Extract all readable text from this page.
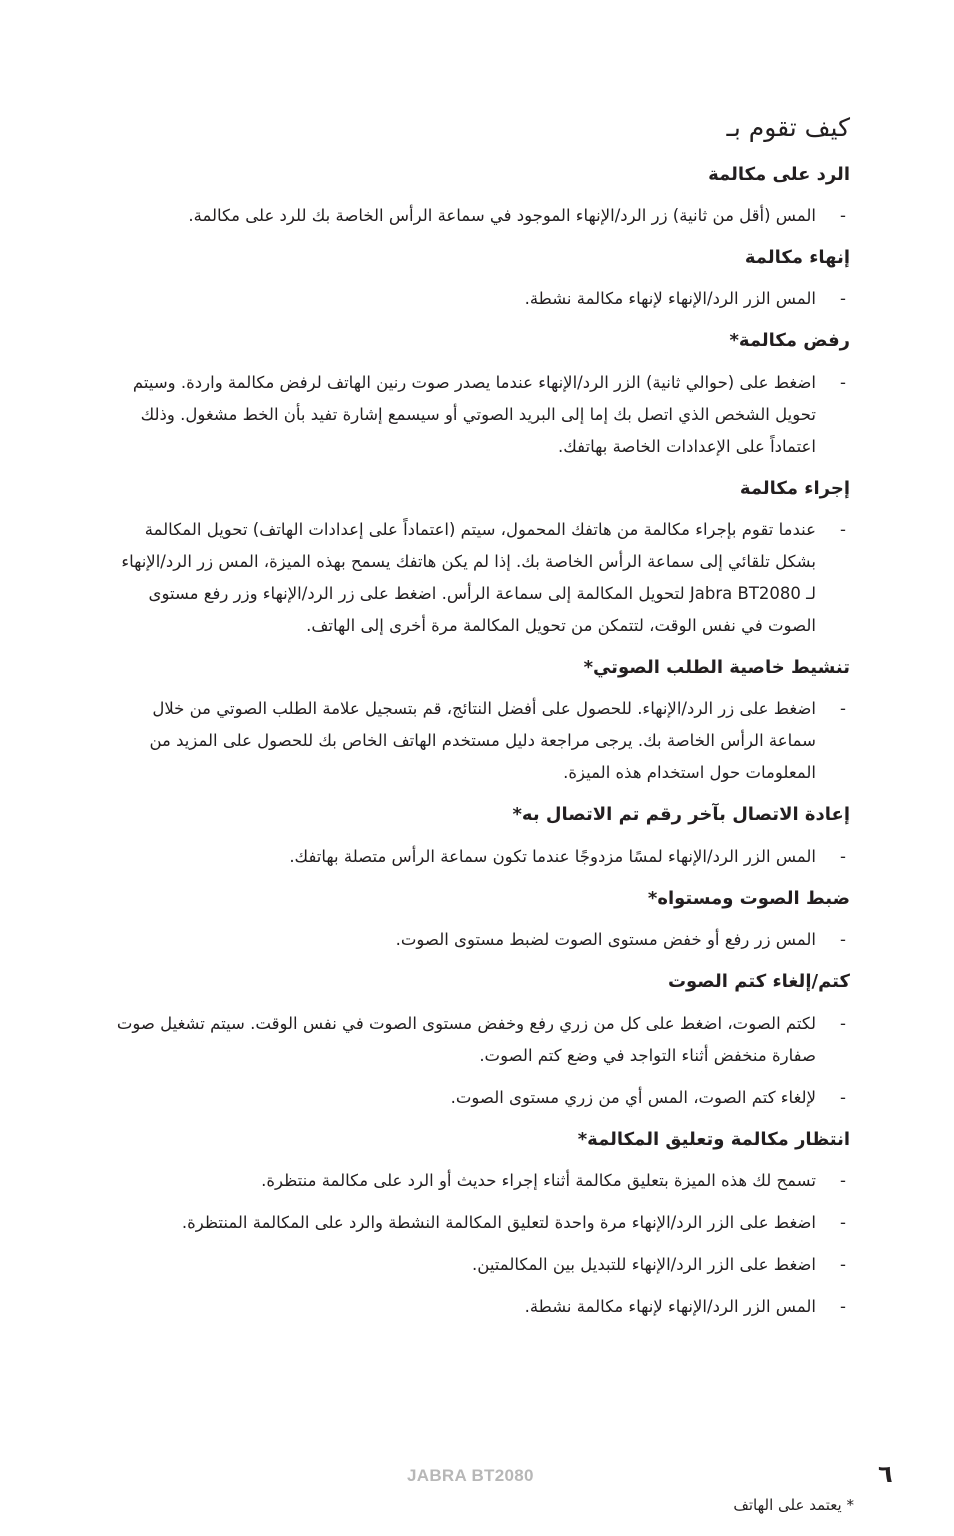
كيف تقوم بـ
الرد على مكالمة
-
المس (أقل من ثانية) زر الرد/الإنهاء الموجود في سماعة الرأس الخاصة بك للرد على مكالمة.
إنهاء مكالمة
-
المس الزر الرد/الإنهاء لإنهاء مكالمة نشطة.
رفض مكالمة*
-
اضغط على (حوالي ثانية) الزر الرد/الإنهاء عندما يصدر صوت رنين الهاتف لرفض مكالمة واردة. وسيتم تحويل الشخص الذي اتصل بك إما إلى البريد الصوتي أو سيسمع إشارة تفيد بأن الخط مشغول. وذلك اعتماداً على الإعدادات الخاصة بهاتفك.
إجراء مكالمة
-
عندما تقوم بإجراء مكالمة من هاتفك المحمول، سيتم (اعتماداً على إعدادات الهاتف) تحويل المكالمة بشكل تلقائي إلى سماعة الرأس الخاصة بك. إذا لم يكن هاتفك يسمح بهذه الميزة، المس زر الرد/الإنهاء لـ Jabra BT2080 لتحويل المكالمة إلى سماعة الرأس. اضغط على زر الرد/الإنهاء وزر رفع مستوى الصوت في نفس الوقت، لتتمكن من تحويل المكالمة مرة أخرى إلى الهاتف.
تنشيط خاصية الطلب الصوتي*
-
اضغط على زر الرد/الإنهاء. للحصول على أفضل النتائج، قم بتسجيل علامة الطلب الصوتي من خلال سماعة الرأس الخاصة بك. يرجى مراجعة دليل مستخدم الهاتف الخاص بك للحصول على المزيد من المعلومات حول استخدام هذه الميزة.
إعادة الاتصال بآخر رقم تم الاتصال به*
-
المس الزر الرد/الإنهاء لمسًا مزدوجًا عندما تكون سماعة الرأس متصلة بهاتفك.
ضبط الصوت ومستواه*
-
المس زر رفع أو خفض مستوى الصوت لضبط مستوى الصوت.
كتم/إلغاء كتم الصوت
-
لكتم الصوت، اضغط على كل من زري رفع وخفض مستوى الصوت في نفس الوقت. سيتم تشغيل صوت صفارة منخفض أثناء التواجد في وضع كتم الصوت.
-
لإلغاء كتم الصوت، المس أي من زري مستوى الصوت.
انتظار مكالمة وتعليق المكالمة*
-
تسمح لك هذه الميزة بتعليق مكالمة أثناء إجراء حديث أو الرد على مكالمة منتظرة.
-
اضغط على الزر الرد/الإنهاء مرة واحدة لتعليق المكالمة النشطة والرد على المكالمة المنتظرة.
-
اضغط على الزر الرد/الإنهاء للتبديل بين المكالمتين.
-
المس الزر الرد/الإنهاء لإنهاء مكالمة نشطة.
JABRA BT2080	٦
* يعتمد على الهاتف
